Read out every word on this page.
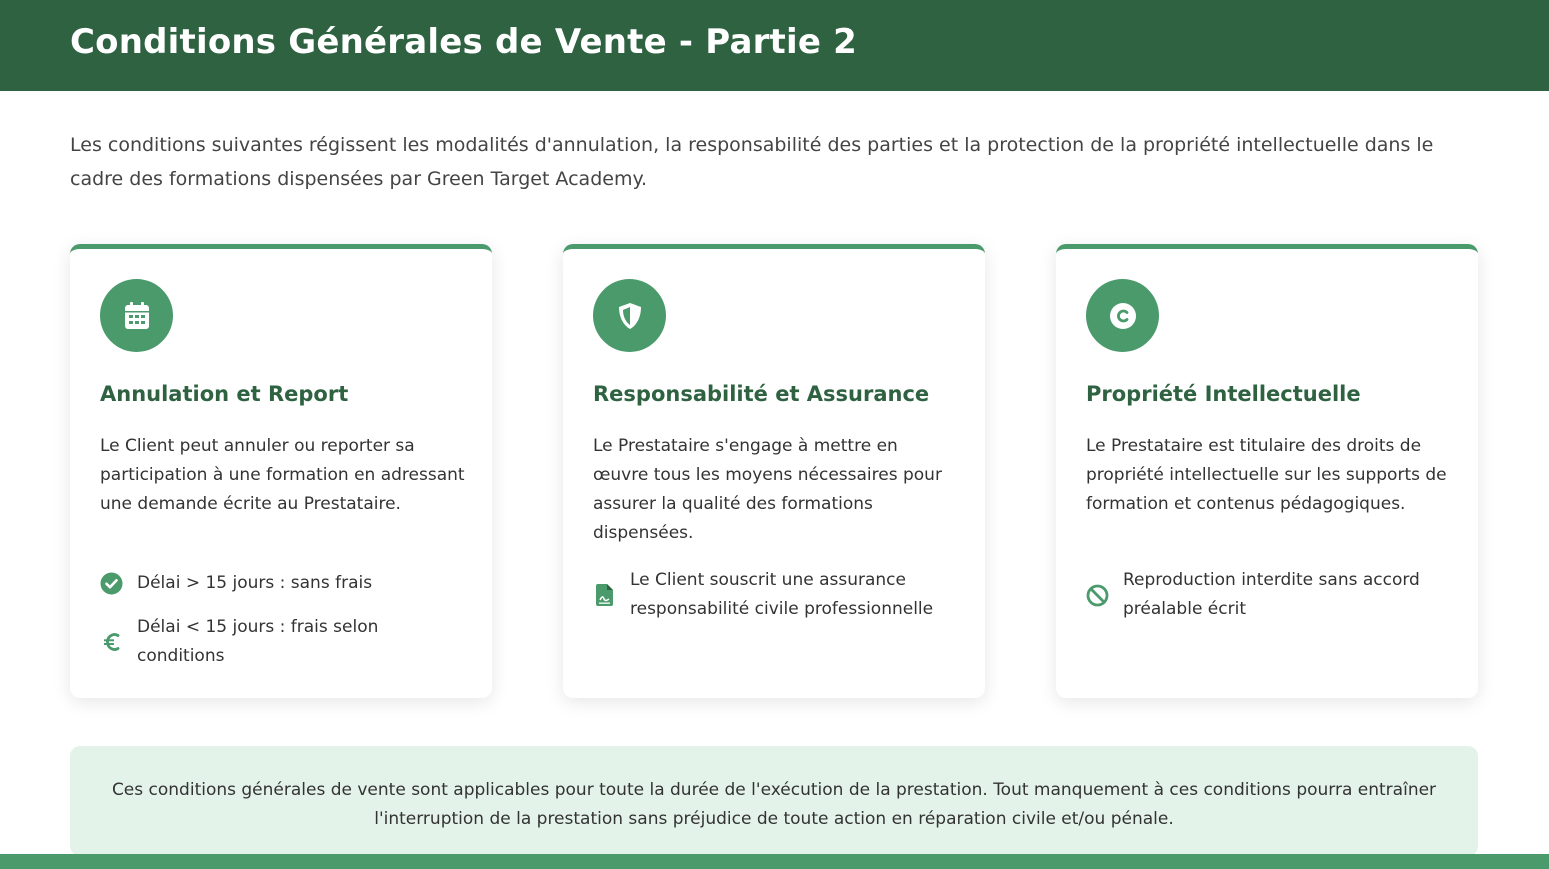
Conditions Générales de Vente - Partie 2

Les conditions suivantes régissent les modalités d'annulation, la responsabilité des parties et la protection de la propriété intellectuelle dans le cadre des formations dispensées par Green Target Academy.

Annulation et Report

Le Client peut annuler ou reporter sa participation à une formation en adressant une demande écrite au Prestataire.

Délai > 15 jours : sans frais
Délai < 15 jours : frais selon conditions
Responsabilité et Assurance

Le Prestataire s'engage à mettre en œuvre tous les moyens nécessaires pour assurer la qualité des formations dispensées.

Le Client souscrit une assurance responsabilité civile professionnelle
Propriété Intellectuelle

Le Prestataire est titulaire des droits de propriété intellectuelle sur les supports de formation et contenus pédagogiques.

Reproduction interdite sans accord préalable écrit

Ces conditions générales de vente sont applicables pour toute la durée de l'exécution de la prestation. Tout manquement à ces conditions pourra entraîner l'interruption de la prestation sans préjudice de toute action en réparation civile et/ou pénale.
